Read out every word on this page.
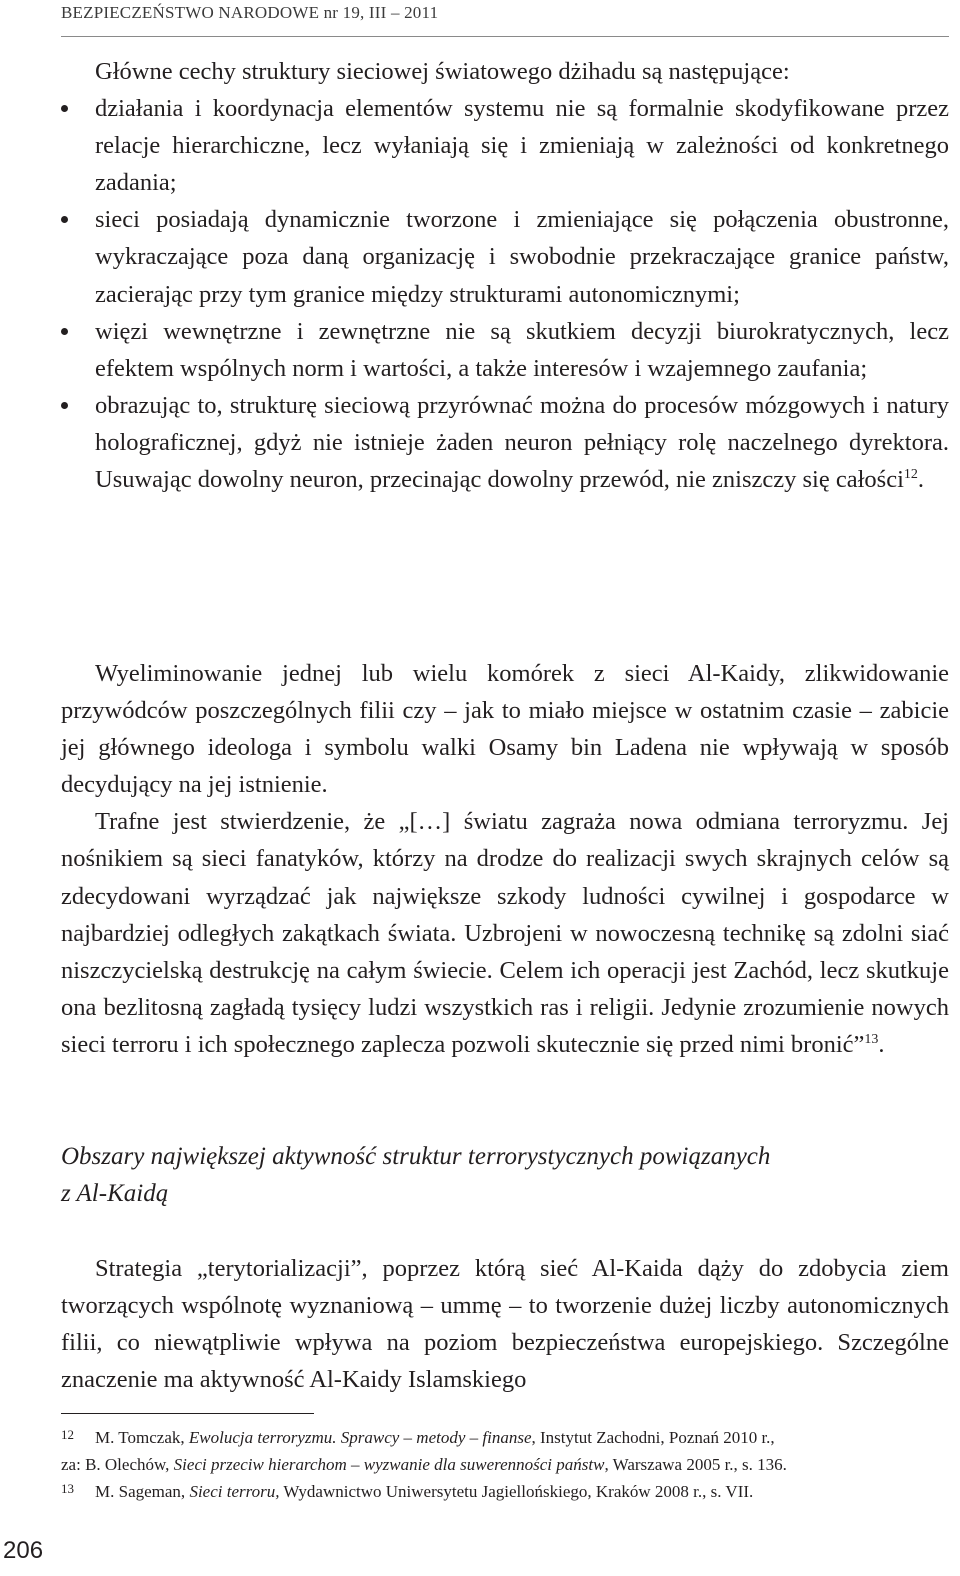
BEZPIECZEŃSTWO NARODOWE nr 19, III – 2011

Główne cechy struktury sieciowej światowego dżihadu są następujące:

działania i koordynacja elementów systemu nie są formalnie skodyfikowane przez relacje hierarchiczne, lecz wyłaniają się i zmieniają w zależności od konkretnego zadania;
sieci posiadają dynamicznie tworzone i zmieniające się połączenia obustronne, wykraczające poza daną organizację i swobodnie przekraczające granice państw, zacierając przy tym granice między strukturami autonomicznymi;
więzi wewnętrzne i zewnętrzne nie są skutkiem decyzji biurokratycznych, lecz efektem wspólnych norm i wartości, a także interesów i wzajemnego zaufania;
obrazując to, strukturę sieciową przyrównać można do procesów mózgowych i natury holograficznej, gdyż nie istnieje żaden neuron pełniący rolę naczelnego dyrektora. Usuwając dowolny neuron, przecinając dowolny przewód, nie zniszczy się całości$^{12}$.

Wyeliminowanie jednej lub wielu komórek z sieci Al-Kaidy, zlikwidowanie przywódców poszczególnych filii czy – jak to miało miejsce w ostatnim czasie – zabicie jej głównego ideologa i symbolu walki Osamy bin Ladena nie wpływają w sposób decydujący na jej istnienie.

Trafne jest stwierdzenie, że „[…] światu zagraża nowa odmiana terroryzmu. Jej nośnikiem są sieci fanatyków, którzy na drodze do realizacji swych skrajnych celów są zdecydowani wyrządzać jak największe szkody ludności cywilnej i gospodarce w najbardziej odległych zakątkach świata. Uzbrojeni w nowoczesną technikę są zdolni siać niszczycielską destrukcję na całym świecie. Celem ich operacji jest Zachód, lecz skutkuje ona bezlitosną zagładą tysięcy ludzi wszystkich ras i religii. Jedynie zrozumienie nowych sieci terroru i ich społecznego zaplecza pozwoli skutecznie się przed nimi bronić”$^{13}$.

Obszary największej aktywność struktur terrorystycznych powiązanych
z Al-Kaidą

Strategia „terytorializacji”, poprzez którą sieć Al-Kaida dąży do zdobycia ziem tworzących wspólnotę wyznaniową – ummę – to tworzenie dużej liczby autonomicznych filii, co niewątpliwie wpływa na poziom bezpieczeństwa europejskiego. Szczególne znaczenie ma aktywność Al-Kaidy Islamskiego

12 M. Tomczak, Ewolucja terroryzmu. Sprawcy – metody – finanse, Instytut Zachodni, Poznań 2010 r.,
za: B. Olechów, Sieci przeciw hierarchom – wyzwanie dla suwerenności państw, Warszawa 2005 r., s. 136.
13 M. Sageman, Sieci terroru, Wydawnictwo Uniwersytetu Jagiellońskiego, Kraków 2008 r., s. VII.
206
